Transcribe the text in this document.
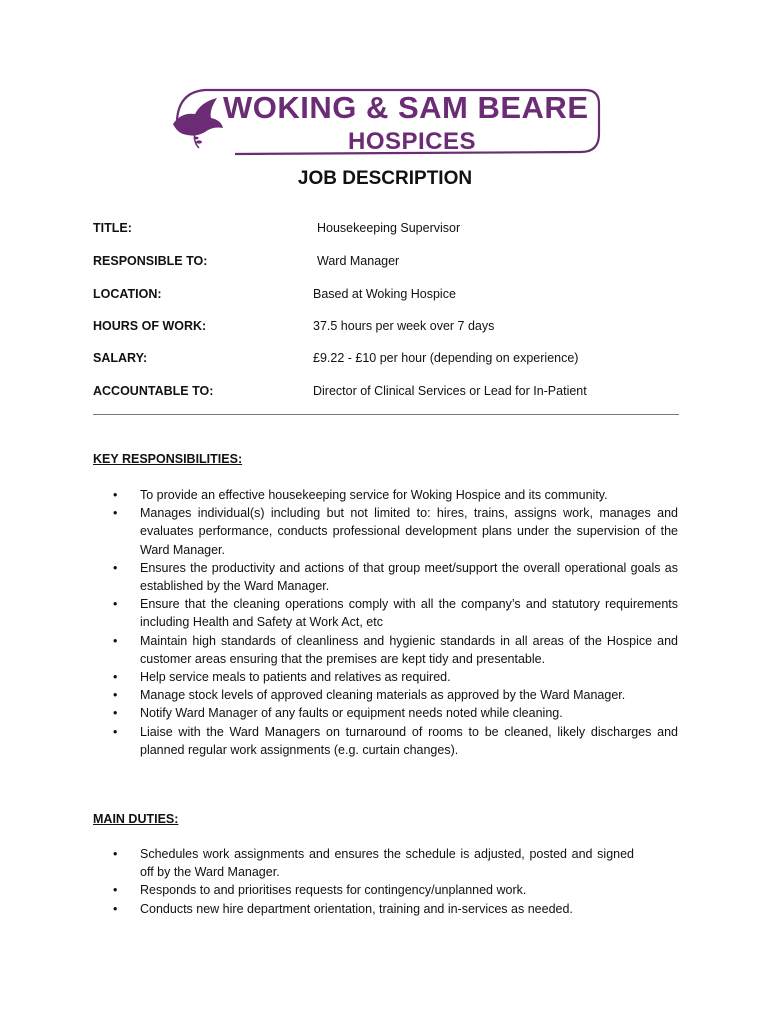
WOKING & SAM BEARE
HOSPICES
JOB DESCRIPTION
TITLE:	Housekeeping Supervisor
RESPONSIBLE TO:	Ward Manager
LOCATION:	Based at Woking Hospice
HOURS OF WORK:	37.5 hours per week over 7 days
SALARY:	£9.22 - £10 per hour (depending on experience)
ACCOUNTABLE TO:	Director of Clinical Services or Lead for In-Patient
KEY RESPONSIBILITIES:
• To provide an effective housekeeping service for Woking Hospice and its community.
• Manages individual(s) including but not limited to: hires, trains, assigns work, manages and evaluates performance, conducts professional development plans under the supervision of the Ward Manager.
• Ensures the productivity and actions of that group meet/support the overall operational goals as established by the Ward Manager.
• Ensure that the cleaning operations comply with all the company’s and statutory requirements including Health and Safety at Work Act, etc
• Maintain high standards of cleanliness and hygienic standards in all areas of the Hospice and customer areas ensuring that the premises are kept tidy and presentable.
• Help service meals to patients and relatives as required.
• Manage stock levels of approved cleaning materials as approved by the Ward Manager.
• Notify Ward Manager of any faults or equipment needs noted while cleaning.
• Liaise with the Ward Managers on turnaround of rooms to be cleaned, likely discharges and planned regular work assignments (e.g. curtain changes).
MAIN DUTIES:
• Schedules work assignments and ensures the schedule is adjusted, posted and signed off by the Ward Manager.
• Responds to and prioritises requests for contingency/unplanned work.
• Conducts new hire department orientation, training and in-services as needed.
